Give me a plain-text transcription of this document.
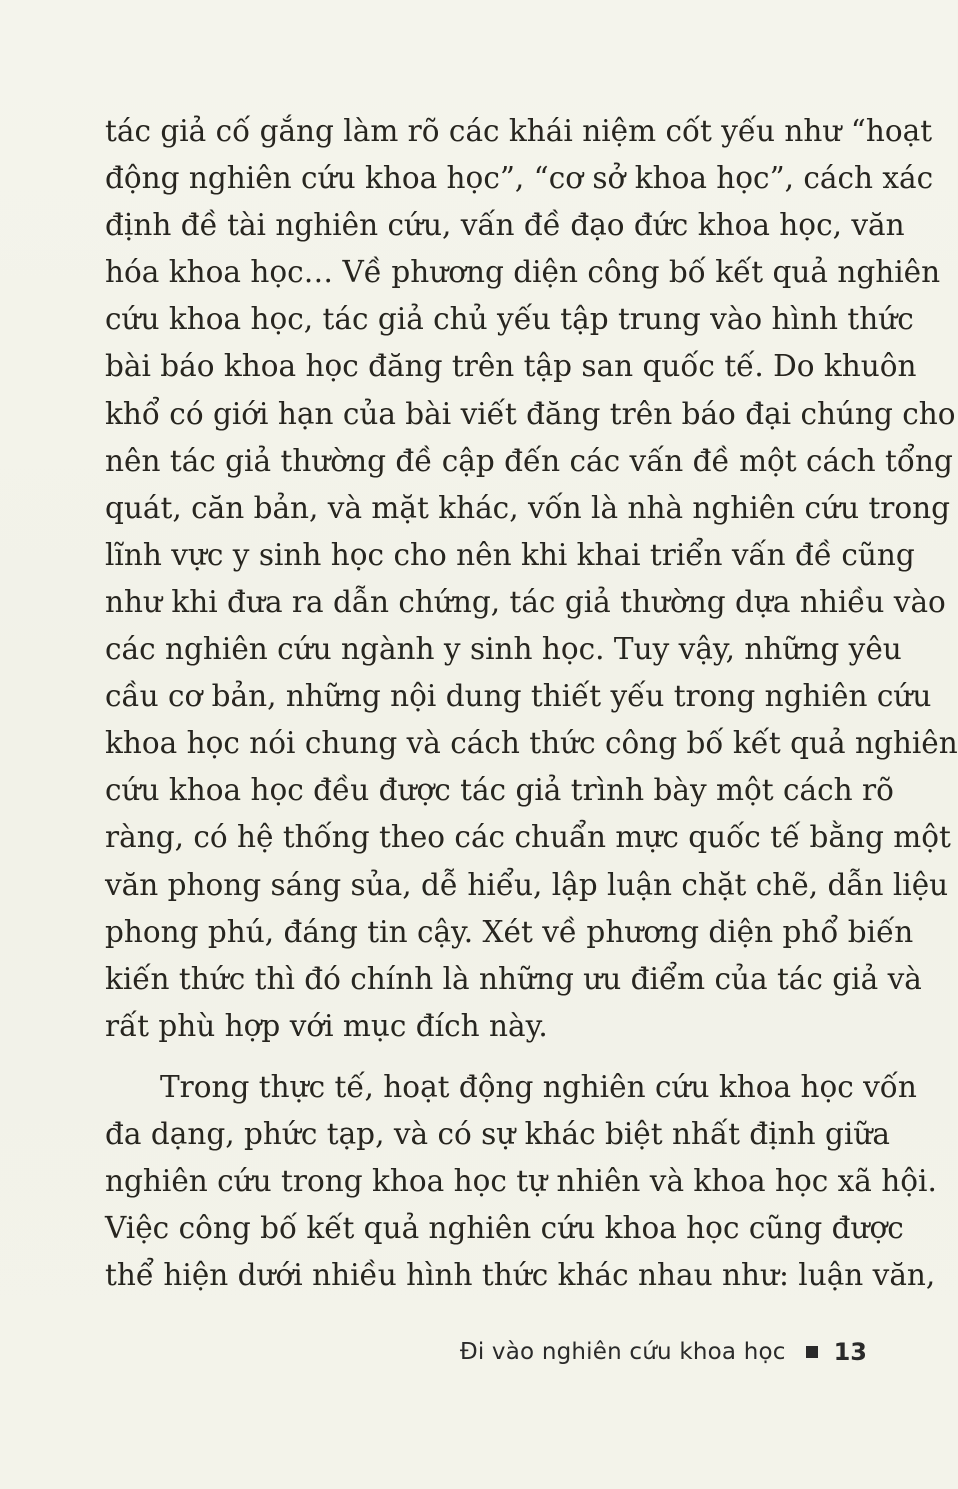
tác giả cố gắng làm rõ các khái niệm cốt yếu như “hoạt
động nghiên cứu khoa học”, “cơ sở khoa học”, cách xác
định đề tài nghiên cứu, vấn đề đạo đức khoa học, văn
hóa khoa học… Về phương diện công bố kết quả nghiên
cứu khoa học, tác giả chủ yếu tập trung vào hình thức
bài báo khoa học đăng trên tập san quốc tế. Do khuôn
khổ có giới hạn của bài viết đăng trên báo đại chúng cho
nên tác giả thường đề cập đến các vấn đề một cách tổng
quát, căn bản, và mặt khác, vốn là nhà nghiên cứu trong
lĩnh vực y sinh học cho nên khi khai triển vấn đề cũng
như khi đưa ra dẫn chứng, tác giả thường dựa nhiều vào
các nghiên cứu ngành y sinh học. Tuy vậy, những yêu
cầu cơ bản, những nội dung thiết yếu trong nghiên cứu
khoa học nói chung và cách thức công bố kết quả nghiên
cứu khoa học đều được tác giả trình bày một cách rõ
ràng, có hệ thống theo các chuẩn mực quốc tế bằng một
văn phong sáng sủa, dễ hiểu, lập luận chặt chẽ, dẫn liệu
phong phú, đáng tin cậy. Xét về phương diện phổ biến
kiến thức thì đó chính là những ưu điểm của tác giả và
rất phù hợp với mục đích này.

Trong thực tế, hoạt động nghiên cứu khoa học vốn
đa dạng, phức tạp, và có sự khác biệt nhất định giữa
nghiên cứu trong khoa học tự nhiên và khoa học xã hội.
Việc công bố kết quả nghiên cứu khoa học cũng được
thể hiện dưới nhiều hình thức khác nhau như: luận văn,

Đi vào nghiên cứu khoa học 13
